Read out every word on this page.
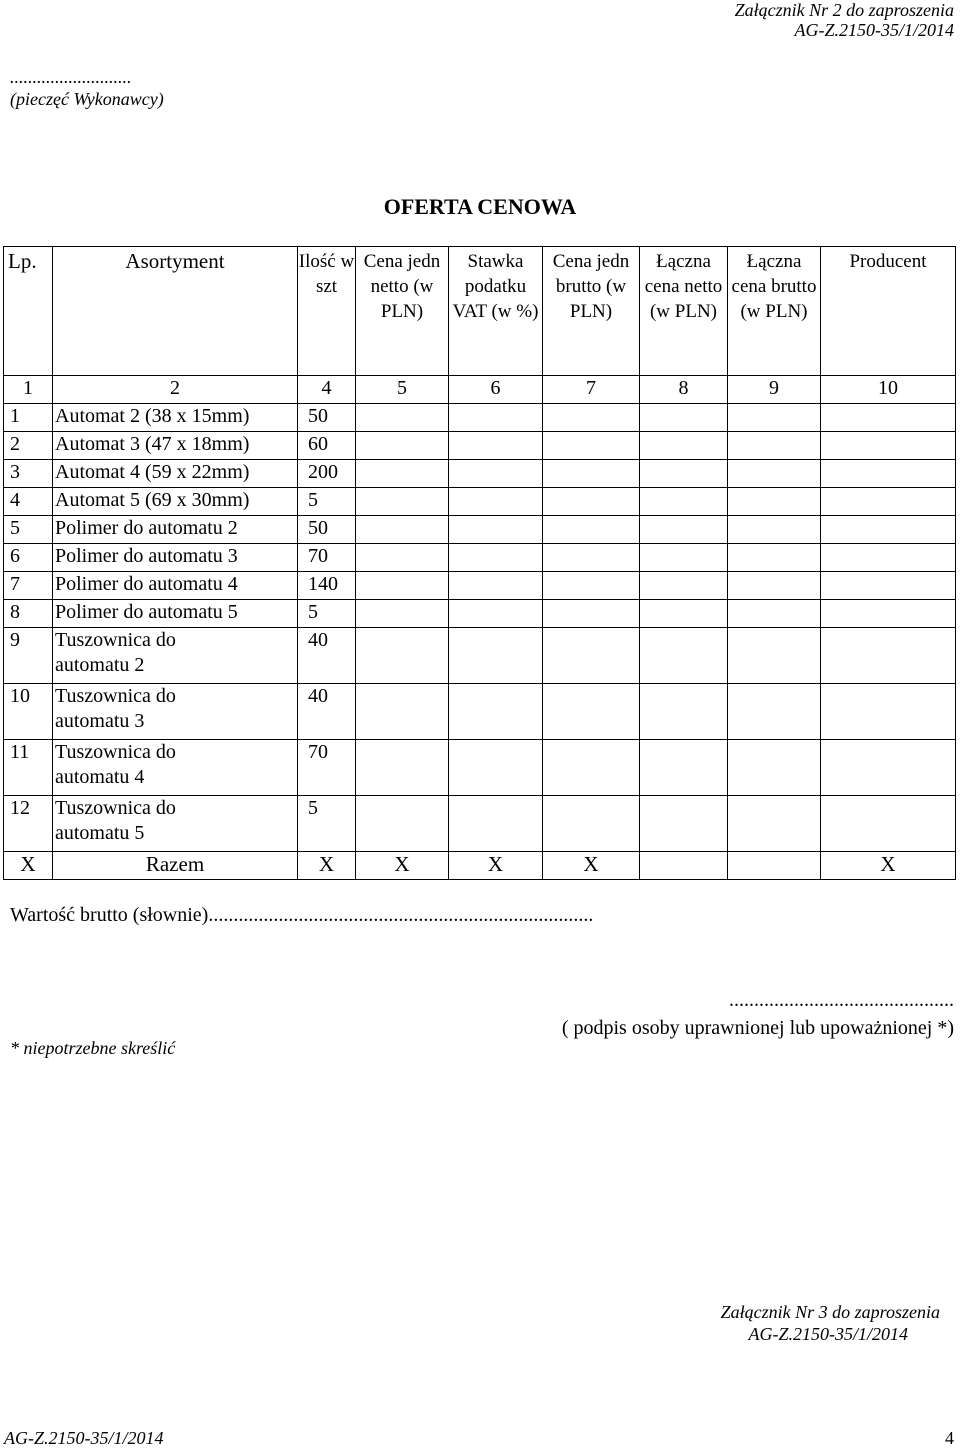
Załącznik Nr 2 do zaproszenia
AG-Z.2150-35/1/2014
...........................
(pieczęć Wykonawcy)
OFERTA CENOWA
Lp.	Asortyment	Ilość w szt	Cena jedn netto (w PLN)	Stawka podatku VAT (w %)	Cena jedn brutto (w PLN)	Łączna cena netto (w PLN)	Łączna cena brutto (w PLN)	Producent
1	2	4	5	6	7	8	9	10
1	Automat 2 (38 x 15mm)	50						
2	Automat 3 (47 x 18mm)	60						
3	Automat 4 (59 x 22mm)	200						
4	Automat 5 (69 x 30mm)	5						
5	Polimer do automatu 2	50						
6	Polimer do automatu 3	70						
7	Polimer do automatu 4	140						
8	Polimer do automatu 5	5						
9	Tuszownica do automatu 2	40						
10	Tuszownica do automatu 3	40						
11	Tuszownica do automatu 4	70						
12	Tuszownica do automatu 5	5						
X	Razem	X	X	X	X			X
Wartość brutto (słownie).............................................................................
.............................................
( podpis osoby uprawnionej lub upoważnionej *)
* niepotrzebne skreślić
Załącznik Nr 3 do zaproszenia
AG-Z.2150-35/1/2014
AG-Z.2150-35/1/2014	4
